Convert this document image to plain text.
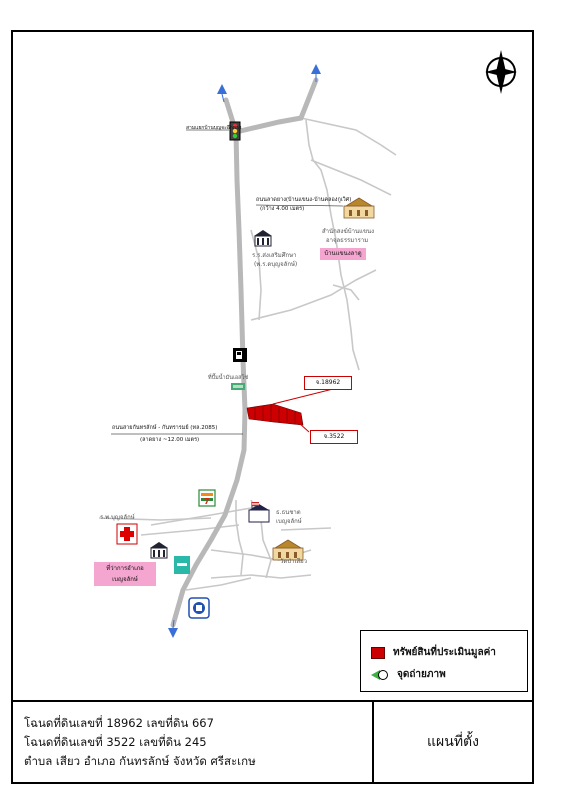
N
7
สามแยกบ้านบุญจะอีกพยุง
ถนนลาดยาง(บ้านแขนง-บ้านคลองกูเวิศ)
(กว้าง 4.00 เมตร)
สำนักสงฆ์บ้านแขนง
อาจุลธรรมาราม
บ้านแขนงลาดู
ร.ร.ส่งเสริมศึกษา
(พ.ร.ดบุญจลักษ์)
ที่ปั๊มน้ำมันเอสโซ่
จ.18962
จ.3522
ถนนสายกันทรลักษ์ - กันทรารมย์ (ทล.2085)
(ลาดยาง ~12.00 เมตร)
ร.พ.บุญจลักษ์
ธ.ธนชาต
เบญจลักษ์
วัดป่าเสียว
ที่ว่าการอำเภอ
เบญจลักษ์
ทรัพย์สินที่ประเมินมูลค่า
จุดถ่ายภาพ
โฉนดที่ดินเลขที่ 18962 เลขที่ดิน 667
โฉนดที่ดินเลขที่ 3522 เลขที่ดิน 245
ตำบล เสียว อำเภอ กันทรลักษ์ จังหวัด ศรีสะเกษ
แผนที่ตั้ง
